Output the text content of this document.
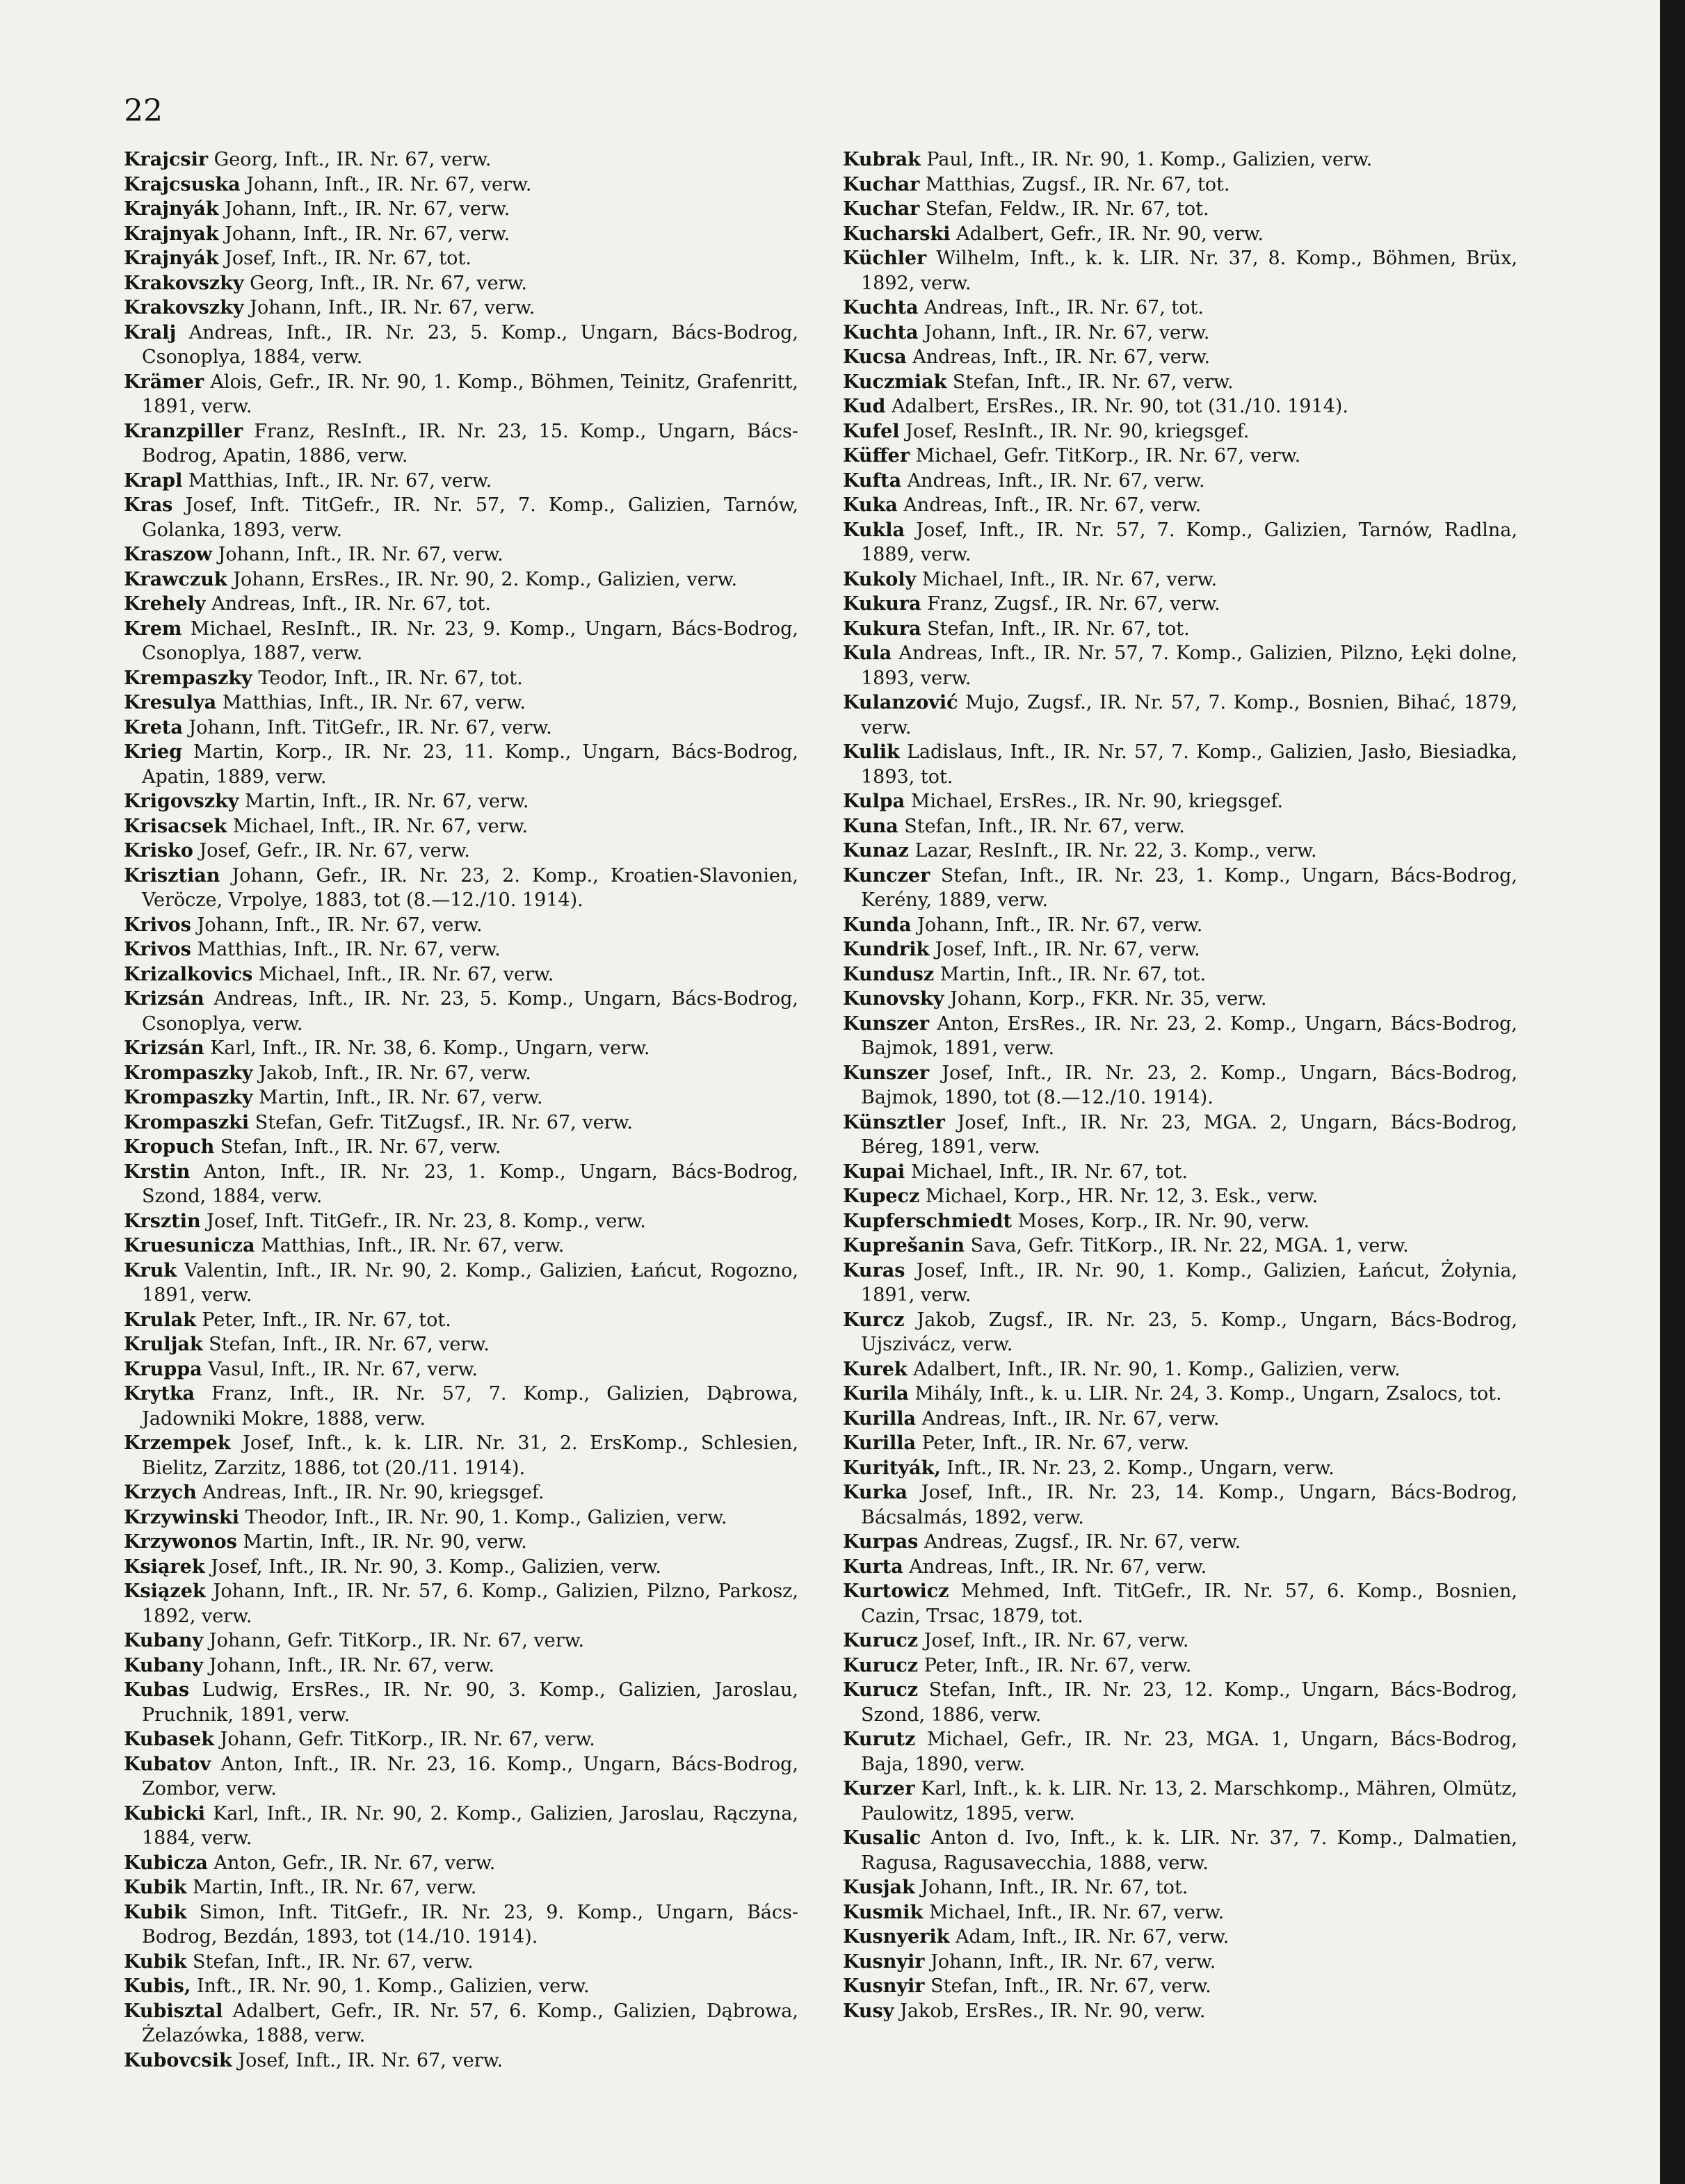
22
Krajcsir Georg, Inft., IR. Nr. 67, verw.
Krajcsuska Johann, Inft., IR. Nr. 67, verw.
Krajnyák Johann, Inft., IR. Nr. 67, verw.
Krajnyak Johann, Inft., IR. Nr. 67, verw.
Krajnyák Josef, Inft., IR. Nr. 67, tot.
Krakovszky Georg, Inft., IR. Nr. 67, verw.
Krakovszky Johann, Inft., IR. Nr. 67, verw.
Kralj Andreas, Inft., IR. Nr. 23, 5. Komp., Ungarn, Bács-Bodrog, Csonoplya, 1884, verw.
Krämer Alois, Gefr., IR. Nr. 90, 1. Komp., Böhmen, Teinitz, Grafenritt, 1891, verw.
Kranzpiller Franz, ResInft., IR. Nr. 23, 15. Komp., Ungarn, Bács-Bodrog, Apatin, 1886, verw.
Krapl Matthias, Inft., IR. Nr. 67, verw.
Kras Josef, Inft. TitGefr., IR. Nr. 57, 7. Komp., Galizien, Tarnów, Golanka, 1893, verw.
Kraszow Johann, Inft., IR. Nr. 67, verw.
Krawczuk Johann, ErsRes., IR. Nr. 90, 2. Komp., Galizien, verw.
Krehely Andreas, Inft., IR. Nr. 67, tot.
Krem Michael, ResInft., IR. Nr. 23, 9. Komp., Ungarn, Bács-Bodrog, Csonoplya, 1887, verw.
Krempaszky Teodor, Inft., IR. Nr. 67, tot.
Kresulya Matthias, Inft., IR. Nr. 67, verw.
Kreta Johann, Inft. TitGefr., IR. Nr. 67, verw.
Krieg Martin, Korp., IR. Nr. 23, 11. Komp., Ungarn, Bács-Bodrog, Apatin, 1889, verw.
Krigovszky Martin, Inft., IR. Nr. 67, verw.
Krisacsek Michael, Inft., IR. Nr. 67, verw.
Krisko Josef, Gefr., IR. Nr. 67, verw.
Krisztian Johann, Gefr., IR. Nr. 23, 2. Komp., Kroatien-Slavonien, Veröcze, Vrpolye, 1883, tot (8.—12./10. 1914).
Krivos Johann, Inft., IR. Nr. 67, verw.
Krivos Matthias, Inft., IR. Nr. 67, verw.
Krizalkovics Michael, Inft., IR. Nr. 67, verw.
Krizsán Andreas, Inft., IR. Nr. 23, 5. Komp., Ungarn, Bács-Bodrog, Csonoplya, verw.
Krizsán Karl, Inft., IR. Nr. 38, 6. Komp., Ungarn, verw.
Krompaszky Jakob, Inft., IR. Nr. 67, verw.
Krompaszky Martin, Inft., IR. Nr. 67, verw.
Krompaszki Stefan, Gefr. TitZugsf., IR. Nr. 67, verw.
Kropuch Stefan, Inft., IR. Nr. 67, verw.
Krstin Anton, Inft., IR. Nr. 23, 1. Komp., Ungarn, Bács-Bodrog, Szond, 1884, verw.
Krsztin Josef, Inft. TitGefr., IR. Nr. 23, 8. Komp., verw.
Kruesunicza Matthias, Inft., IR. Nr. 67, verw.
Kruk Valentin, Inft., IR. Nr. 90, 2. Komp., Galizien, Łańcut, Rogozno, 1891, verw.
Krulak Peter, Inft., IR. Nr. 67, tot.
Kruljak Stefan, Inft., IR. Nr. 67, verw.
Kruppa Vasul, Inft., IR. Nr. 67, verw.
Krytka Franz, Inft., IR. Nr. 57, 7. Komp., Galizien, Dąbrowa, Jadowniki Mokre, 1888, verw.
Krzempek Josef, Inft., k. k. LIR. Nr. 31, 2. ErsKomp., Schlesien, Bielitz, Zarzitz, 1886, tot (20./11. 1914).
Krzych Andreas, Inft., IR. Nr. 90, kriegsgef.
Krzywinski Theodor, Inft., IR. Nr. 90, 1. Komp., Galizien, verw.
Krzywonos Martin, Inft., IR. Nr. 90, verw.
Ksiąrek Josef, Inft., IR. Nr. 90, 3. Komp., Galizien, verw.
Ksiązek Johann, Inft., IR. Nr. 57, 6. Komp., Galizien, Pilzno, Parkosz, 1892, verw.
Kubany Johann, Gefr. TitKorp., IR. Nr. 67, verw.
Kubany Johann, Inft., IR. Nr. 67, verw.
Kubas Ludwig, ErsRes., IR. Nr. 90, 3. Komp., Galizien, Jaroslau, Pruchnik, 1891, verw.
Kubasek Johann, Gefr. TitKorp., IR. Nr. 67, verw.
Kubatov Anton, Inft., IR. Nr. 23, 16. Komp., Ungarn, Bács-Bodrog, Zombor, verw.
Kubicki Karl, Inft., IR. Nr. 90, 2. Komp., Galizien, Jaroslau, Rączyna, 1884, verw.
Kubicza Anton, Gefr., IR. Nr. 67, verw.
Kubik Martin, Inft., IR. Nr. 67, verw.
Kubik Simon, Inft. TitGefr., IR. Nr. 23, 9. Komp., Ungarn, Bács-Bodrog, Bezdán, 1893, tot (14./10. 1914).
Kubik Stefan, Inft., IR. Nr. 67, verw.
Kubis, Inft., IR. Nr. 90, 1. Komp., Galizien, verw.
Kubisztal Adalbert, Gefr., IR. Nr. 57, 6. Komp., Galizien, Dąbrowa, Żelazówka, 1888, verw.
Kubovcsik Josef, Inft., IR. Nr. 67, verw.
Kubrak Paul, Inft., IR. Nr. 90, 1. Komp., Galizien, verw.
Kuchar Matthias, Zugsf., IR. Nr. 67, tot.
Kuchar Stefan, Feldw., IR. Nr. 67, tot.
Kucharski Adalbert, Gefr., IR. Nr. 90, verw.
Küchler Wilhelm, Inft., k. k. LIR. Nr. 37, 8. Komp., Böhmen, Brüx, 1892, verw.
Kuchta Andreas, Inft., IR. Nr. 67, tot.
Kuchta Johann, Inft., IR. Nr. 67, verw.
Kucsa Andreas, Inft., IR. Nr. 67, verw.
Kuczmiak Stefan, Inft., IR. Nr. 67, verw.
Kud Adalbert, ErsRes., IR. Nr. 90, tot (31./10. 1914).
Kufel Josef, ResInft., IR. Nr. 90, kriegsgef.
Küffer Michael, Gefr. TitKorp., IR. Nr. 67, verw.
Kufta Andreas, Inft., IR. Nr. 67, verw.
Kuka Andreas, Inft., IR. Nr. 67, verw.
Kukla Josef, Inft., IR. Nr. 57, 7. Komp., Galizien, Tarnów, Radlna, 1889, verw.
Kukoly Michael, Inft., IR. Nr. 67, verw.
Kukura Franz, Zugsf., IR. Nr. 67, verw.
Kukura Stefan, Inft., IR. Nr. 67, tot.
Kula Andreas, Inft., IR. Nr. 57, 7. Komp., Galizien, Pilzno, Łęki dolne, 1893, verw.
Kulanzović Mujo, Zugsf., IR. Nr. 57, 7. Komp., Bosnien, Bihać, 1879, verw.
Kulik Ladislaus, Inft., IR. Nr. 57, 7. Komp., Galizien, Jasło, Biesiadka, 1893, tot.
Kulpa Michael, ErsRes., IR. Nr. 90, kriegsgef.
Kuna Stefan, Inft., IR. Nr. 67, verw.
Kunaz Lazar, ResInft., IR. Nr. 22, 3. Komp., verw.
Kunczer Stefan, Inft., IR. Nr. 23, 1. Komp., Ungarn, Bács-Bodrog, Kerény, 1889, verw.
Kunda Johann, Inft., IR. Nr. 67, verw.
Kundrik Josef, Inft., IR. Nr. 67, verw.
Kundusz Martin, Inft., IR. Nr. 67, tot.
Kunovsky Johann, Korp., FKR. Nr. 35, verw.
Kunszer Anton, ErsRes., IR. Nr. 23, 2. Komp., Ungarn, Bács-Bodrog, Bajmok, 1891, verw.
Kunszer Josef, Inft., IR. Nr. 23, 2. Komp., Ungarn, Bács-Bodrog, Bajmok, 1890, tot (8.—12./10. 1914).
Künsztler Josef, Inft., IR. Nr. 23, MGA. 2, Ungarn, Bács-Bodrog, Béreg, 1891, verw.
Kupai Michael, Inft., IR. Nr. 67, tot.
Kupecz Michael, Korp., HR. Nr. 12, 3. Esk., verw.
Kupferschmiedt Moses, Korp., IR. Nr. 90, verw.
Kuprešanin Sava, Gefr. TitKorp., IR. Nr. 22, MGA. 1, verw.
Kuras Josef, Inft., IR. Nr. 90, 1. Komp., Galizien, Łańcut, Żołynia, 1891, verw.
Kurcz Jakob, Zugsf., IR. Nr. 23, 5. Komp., Ungarn, Bács-Bodrog, Ujszivácz, verw.
Kurek Adalbert, Inft., IR. Nr. 90, 1. Komp., Galizien, verw.
Kurila Mihály, Inft., k. u. LIR. Nr. 24, 3. Komp., Ungarn, Zsalocs, tot.
Kurilla Andreas, Inft., IR. Nr. 67, verw.
Kurilla Peter, Inft., IR. Nr. 67, verw.
Kurityák, Inft., IR. Nr. 23, 2. Komp., Ungarn, verw.
Kurka Josef, Inft., IR. Nr. 23, 14. Komp., Ungarn, Bács-Bodrog, Bácsalmás, 1892, verw.
Kurpas Andreas, Zugsf., IR. Nr. 67, verw.
Kurta Andreas, Inft., IR. Nr. 67, verw.
Kurtowicz Mehmed, Inft. TitGefr., IR. Nr. 57, 6. Komp., Bosnien, Cazin, Trsac, 1879, tot.
Kurucz Josef, Inft., IR. Nr. 67, verw.
Kurucz Peter, Inft., IR. Nr. 67, verw.
Kurucz Stefan, Inft., IR. Nr. 23, 12. Komp., Ungarn, Bács-Bodrog, Szond, 1886, verw.
Kurutz Michael, Gefr., IR. Nr. 23, MGA. 1, Ungarn, Bács-Bodrog, Baja, 1890, verw.
Kurzer Karl, Inft., k. k. LIR. Nr. 13, 2. Marschkomp., Mähren, Olmütz, Paulowitz, 1895, verw.
Kusalic Anton d. Ivo, Inft., k. k. LIR. Nr. 37, 7. Komp., Dalmatien, Ragusa, Ragusavecchia, 1888, verw.
Kusjak Johann, Inft., IR. Nr. 67, tot.
Kusmik Michael, Inft., IR. Nr. 67, verw.
Kusnyerik Adam, Inft., IR. Nr. 67, verw.
Kusnyir Johann, Inft., IR. Nr. 67, verw.
Kusnyir Stefan, Inft., IR. Nr. 67, verw.
Kusy Jakob, ErsRes., IR. Nr. 90, verw.
